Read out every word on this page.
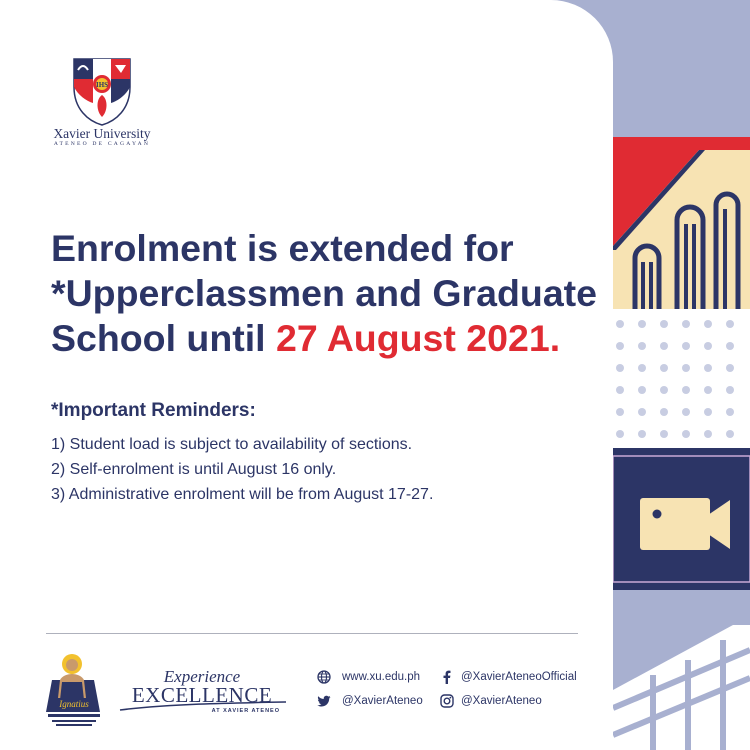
IHS
Xavier University
ATENEO DE CAGAYAN
Enrolment is extended for
*Upperclassmen and Graduate
School until 27 August 2021.
*Important Reminders:
1) Student load is subject to availability of sections.
2) Self-enrolment is until August 16 only.
3) Administrative enrolment will be from August 17-27.
Ignatius
Experience
EXCELLENCE
AT XAVIER ATENEO
www.xu.edu.ph	@XavierAteneoOfficial
@XavierAteneo	@XavierAteneo
